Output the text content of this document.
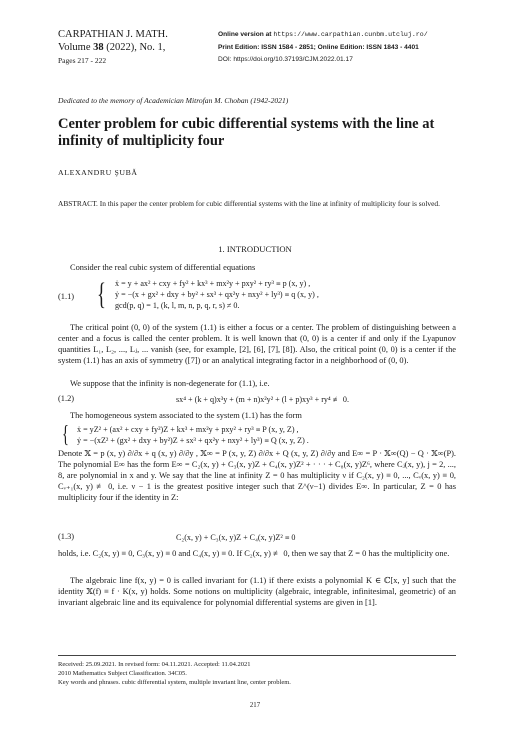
CARPATHIAN J. MATH.
Volume 38 (2022), No. 1,
Pages 217 - 222
Online version at https://www.carpathian.cunbm.utcluj.ro/
Print Edition: ISSN 1584 - 2851; Online Edition: ISSN 1843 - 4401
DOI: https://doi.org/10.37193/CJM.2022.01.17
Dedicated to the memory of Academician Mitrofan M. Choban (1942-2021)
Center problem for cubic differential systems with the line at infinity of multiplicity four
ALEXANDRU ŞUBĂ
ABSTRACT. In this paper the center problem for cubic differential systems with the line at infinity of multiplicity four is solved.
1. INTRODUCTION
Consider the real cubic system of differential equations
(1.1) { ẋ = y + ax² + cxy + fy² + kx³ + mx²y + pxy² + ry³ ≡ p (x, y) ,
ẏ = −(x + gx² + dxy + by² + sx³ + qx²y + nxy² + ly³) ≡ q (x, y) ,
gcd(p, q) = 1, (k, l, m, n, p, q, r, s) ≠ 0.
The critical point (0, 0) of the system (1.1) is either a focus or a center. The problem of distinguishing between a center and a focus is called the center problem. It is well known that (0, 0) is a center if and only if the Lyapunov quantities L₁, L₂, ..., Lⱼ, ... vanish (see, for example, [2], [6], [7], [8]). Also, the critical point (0, 0) is a center if the system (1.1) has an axis of symmetry ([7]) or an analytical integrating factor in a neighborhood of (0, 0).
We suppose that the infinity is non-degenerate for (1.1), i.e.
(1.2)	sx⁴ + (k + q)x³y + (m + n)x²y² + (l + p)xy³ + ry⁴ ≢ 0.
The homogeneous system associated to the system (1.1) has the form
{ ẋ = yZ² + (ax² + cxy + fy²)Z + kx³ + mx²y + pxy² + ry³ ≡ P (x, y, Z) ,
ẏ = −(xZ² + (gx² + dxy + by²)Z + sx³ + qx²y + nxy² + ly³) ≡ Q (x, y, Z) .
Denote 𝕏 = p (x, y) ∂/∂x + q (x, y) ∂/∂y , 𝕏∞ = P (x, y, Z) ∂/∂x + Q (x, y, Z) ∂/∂y and E∞ = P · 𝕏∞(Q) − Q · 𝕏∞(P). The polynomial E∞ has the form E∞ = C₂(x, y) + C₃(x, y)Z + C₄(x, y)Z² + · · · + C₈(x, y)Z⁶, where Cⱼ(x, y), j = 2, ..., 8, are polynomial in x and y. We say that the line at infinity Z = 0 has multiplicity ν if C₂(x, y) ≡ 0, ..., Cᵥ(x, y) ≡ 0, Cᵥ₊₁(x, y) ≢ 0, i.e. ν − 1 is the greatest positive integer such that Z^(ν−1) divides E∞. In particular, Z = 0 has multiplicity four if the identity in Z:
(1.3)	C₂(x, y) + C₃(x, y)Z + C₄(x, y)Z² ≡ 0
holds, i.e. C₂(x, y) ≡ 0, C₃(x, y) ≡ 0 and C₄(x, y) ≡ 0. If C₂(x, y) ≢ 0, then we say that Z = 0 has the multiplicity one.
The algebraic line f(x, y) = 0 is called invariant for (1.1) if there exists a polynomial K ∈ ℂ[x, y] such that the identity 𝕏(f) ≡ f · K(x, y) holds. Some notions on multiplicity (algebraic, integrable, infinitesimal, geometric) of an invariant algebraic line and its equivalence for polynomial differential systems are given in [1].
Received: 25.09.2021. In revised form: 04.11.2021. Accepted: 11.04.2021
2010 Mathematics Subject Classification. 34C05.
Key words and phrases. cubic differential system, multiple invariant line, center problem.
217
